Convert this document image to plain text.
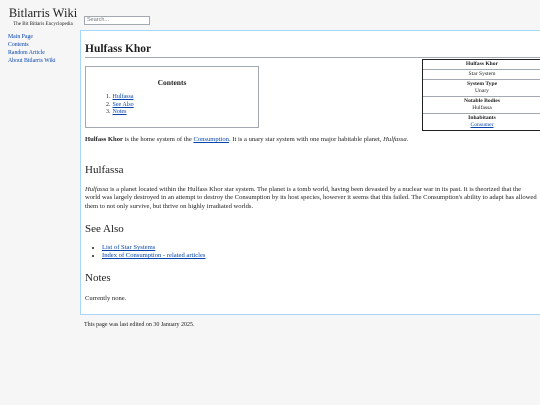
Bitlarris Wiki
The Bit Bitlaris Encyclopedia
Search...
Main Page
Contents
Random Article
About Bitlarris Wiki
Hulfass Khor
Hulfass Khor
Star System
System Type
Unary
Notable Bodies
Hulfassa
Inhabitants
Consumer
Contents
1. Hulfassa
2. See Also
3. Notes

Hulfass Khor is the home system of the Consumption. It is a unary star system with one major habitable planet, Hulfassa.

Hulfassa

Hulfassa is a planet located within the Hulfass Khor star system. The planet is a tomb world, having been devasted by a nuclear war in its past. It is theorized that the world was largely destroyed in an attempt to destroy the Consumption by its host species, however it seems that this failed. The Consumption's ability to adapt has allowed them to not only survive, but thrive on highly irradiated worlds.

See Also
• List of Star Systems
• Index of Consumption - related articles
Notes

Currently none.

This page was last edited on 30 January 2025.
